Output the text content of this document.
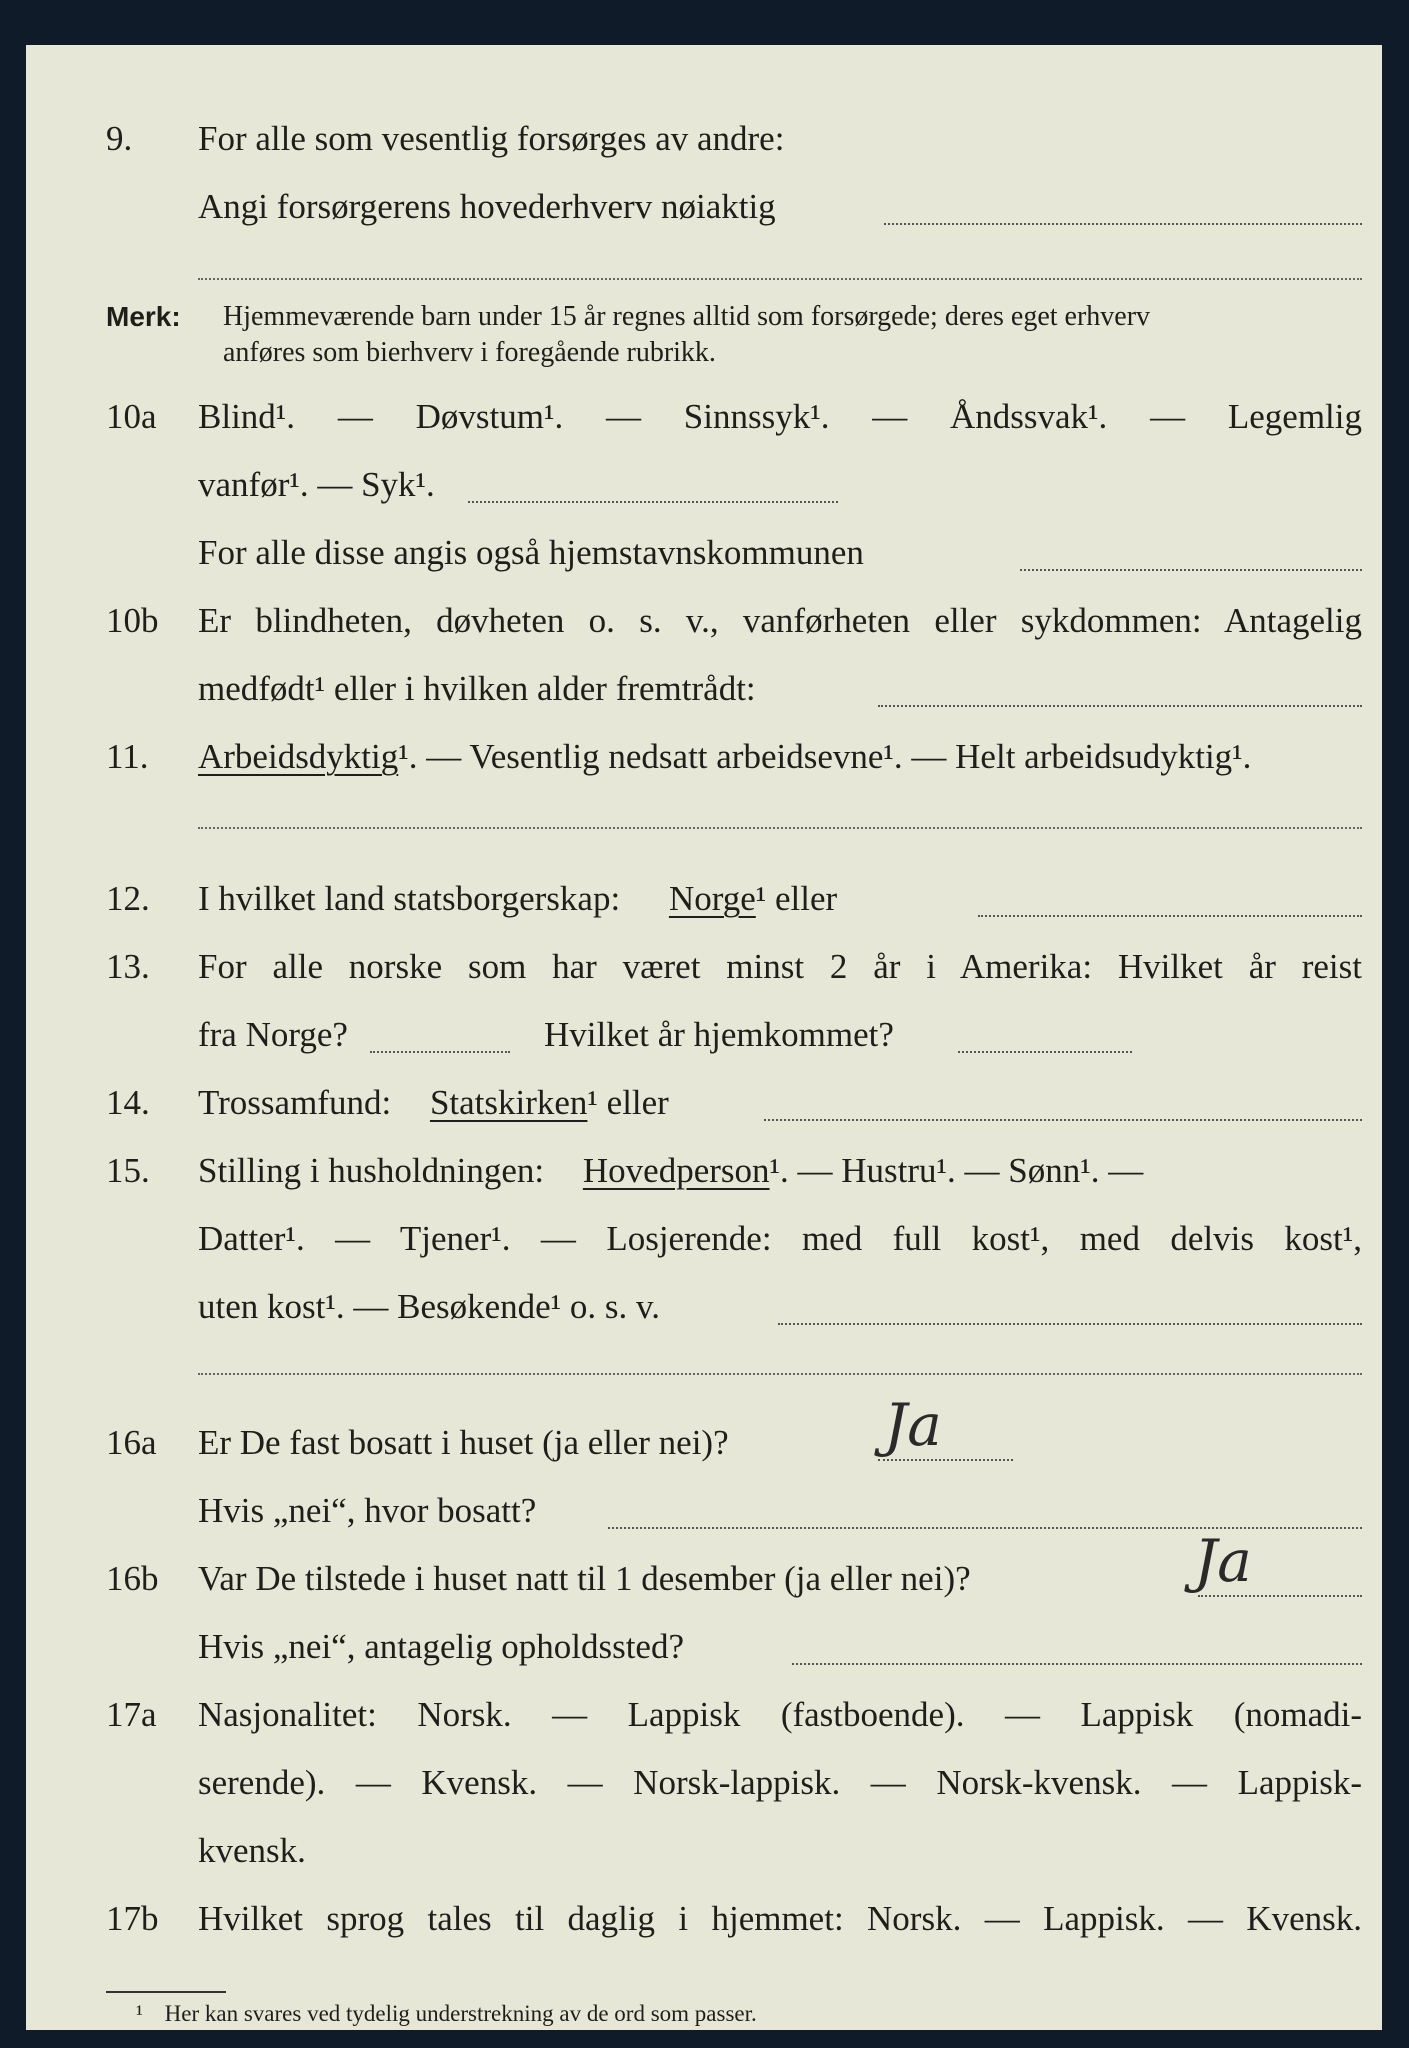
9. For alle som vesentlig forsørges av andre:
Angi forsørgerens hovederhverv nøiaktig
Merk: Hjemmeværende barn under 15 år regnes alltid som forsørgede; deres eget erhverv
anføres som bierhverv i foregående rubrikk.
10a Blind¹. — Døvstum¹. — Sinnssyk¹. — Åndssvak¹. — Legemlig
vanfør¹. — Syk¹.
For alle disse angis også hjemstavnskommunen
10b Er blindheten, døvheten o. s. v., vanførheten eller sykdommen: Antagelig
medfødt¹ eller i hvilken alder fremtrådt:
11. Arbeidsdyktig¹. — Vesentlig nedsatt arbeidsevne¹. — Helt arbeidsudyktig¹.
12. I hvilket land statsborgerskap: Norge¹ eller
13. For alle norske som har været minst 2 år i Amerika: Hvilket år reist
fra Norge?	Hvilket år hjemkommet?
14. Trossamfund: Statskirken¹ eller
15. Stilling i husholdningen: Hovedperson¹. — Hustru¹. — Sønn¹. —
Datter¹. — Tjener¹. — Losjerende: med full kost¹, med delvis kost¹,
uten kost¹. — Besøkende¹ o. s. v.
16a Er De fast bosatt i huset (ja eller nei)?
Hvis „nei“, hvor bosatt?
Ja
16b Var De tilstede i huset natt til 1 desember (ja eller nei)?
Hvis „nei“, antagelig opholdssted?
Ja
17a Nasjonalitet: Norsk. — Lappisk (fastboende). — Lappisk (nomadi-
serende). — Kvensk. — Norsk-lappisk. — Norsk-kvensk. — Lappisk-
kvensk.
17b Hvilket sprog tales til daglig i hjemmet: Norsk. — Lappisk. — Kvensk.
¹ Her kan svares ved tydelig understrekning av de ord som passer.
